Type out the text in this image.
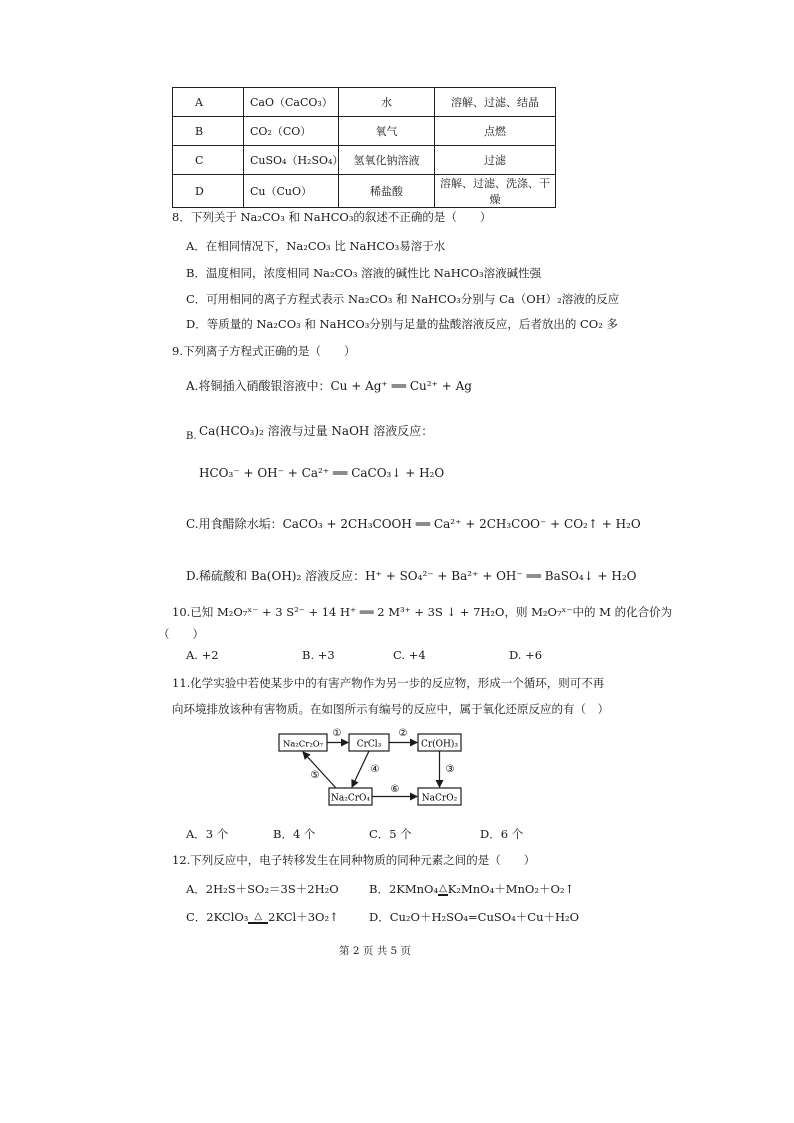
A	CaO（CaCO₃）	水	溶解、过滤、结晶
B	CO₂（CO）	氧气	点燃
C	CuSO₄（H₂SO₄）	氢氧化钠溶液	过滤
D	Cu（CuO）	稀盐酸	溶解、过滤、洗涤、干燥
8．下列关于 Na₂CO₃ 和 NaHCO₃的叙述不正确的是（　　）
A．在相同情况下，Na₂CO₃ 比 NaHCO₃易溶于水
B．温度相同，浓度相同 Na₂CO₃ 溶液的碱性比 NaHCO₃溶液碱性强
C．可用相同的离子方程式表示 Na₂CO₃ 和 NaHCO₃分别与 Ca（OH）₂溶液的反应
D．等质量的 Na₂CO₃ 和 NaHCO₃分别与足量的盐酸溶液反应，后者放出的 CO₂ 多
9.下列离子方程式正确的是（　　）
A.将铜插入硝酸银溶液中：Cu + Ag⁺ ══ Cu²⁺ + Ag
B. Ca(HCO₃)₂ 溶液与过量 NaOH 溶液反应：
HCO₃⁻ + OH⁻ + Ca²⁺ ══ CaCO₃↓ + H₂O
C.用食醋除水垢：CaCO₃ + 2CH₃COOH ══ Ca²⁺ + 2CH₃COO⁻ + CO₂↑ + H₂O
D.稀硫酸和 Ba(OH)₂ 溶液反应：H⁺ + SO₄²⁻ + Ba²⁺ + OH⁻ ══ BaSO₄↓ + H₂O
10.已知 M₂O₇ˣ⁻ + 3 S²⁻ + 14 H⁺ ══ 2 M³⁺ + 3S ↓ + 7H₂O，则 M₂O₇ˣ⁻中的 M 的化合价为
（　　）
A. +2	B. +3	C. +4	D. +6
11.化学实验中若使某步中的有害产物作为另一步的反应物，形成一个循环，则可不再
向环境排放该种有害物质。在如图所示有编号的反应中，属于氧化还原反应的有（　）
Na₂Cr₂O₇	CrCl₃	Cr(OH)₃
Na₂CrO₄	NaCrO₂
①	②
③
④
⑤
⑥
A．3 个	B．4 个	C．5 个	D．6 个
12.下列反应中，电子转移发生在同种物质的同种元素之间的是（　　）
A．2H₂S＋SO₂＝3S＋2H₂O	B．2KMnO₄△K₂MnO₄＋MnO₂＋O₂↑
C．2KClO₃ △ 2KCl＋3O₂↑	D．Cu₂O＋H₂SO₄=CuSO₄＋Cu＋H₂O
第 2 页 共 5 页
